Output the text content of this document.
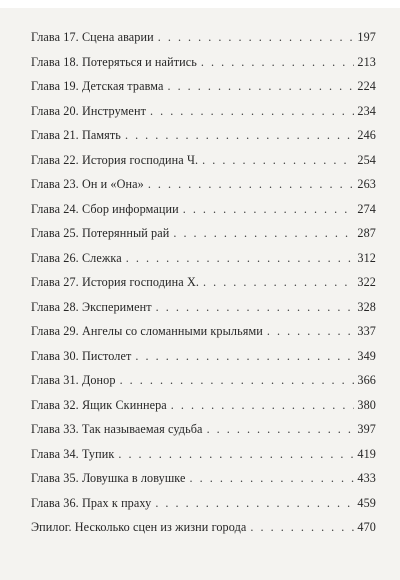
Глава 17. Сцена аварии . . .	197
Глава 18. Потеряться и найтись . . .	213
Глава 19. Детская травма . . .	224
Глава 20. Инструмент . . .	234
Глава 21. Память . . .	246
Глава 22. История господина Ч. . . .	254
Глава 23. Он и «Она» . . .	263
Глава 24. Сбор информации . . .	274
Глава 25. Потерянный рай . . .	287
Глава 26. Слежка . . .	312
Глава 27. История господина Х. . . .	322
Глава 28. Эксперимент . . .	328
Глава 29. Ангелы со сломанными крыльями . . .	337
Глава 30. Пистолет . . .	349
Глава 31. Донор . . .	366
Глава 32. Ящик Скиннера . . .	380
Глава 33. Так называемая судьба . . .	397
Глава 34. Тупик . . .	419
Глава 35. Ловушка в ловушке . . .	433
Глава 36. Прах к праху . . .	459
Эпилог. Несколько сцен из жизни города . . .	470
